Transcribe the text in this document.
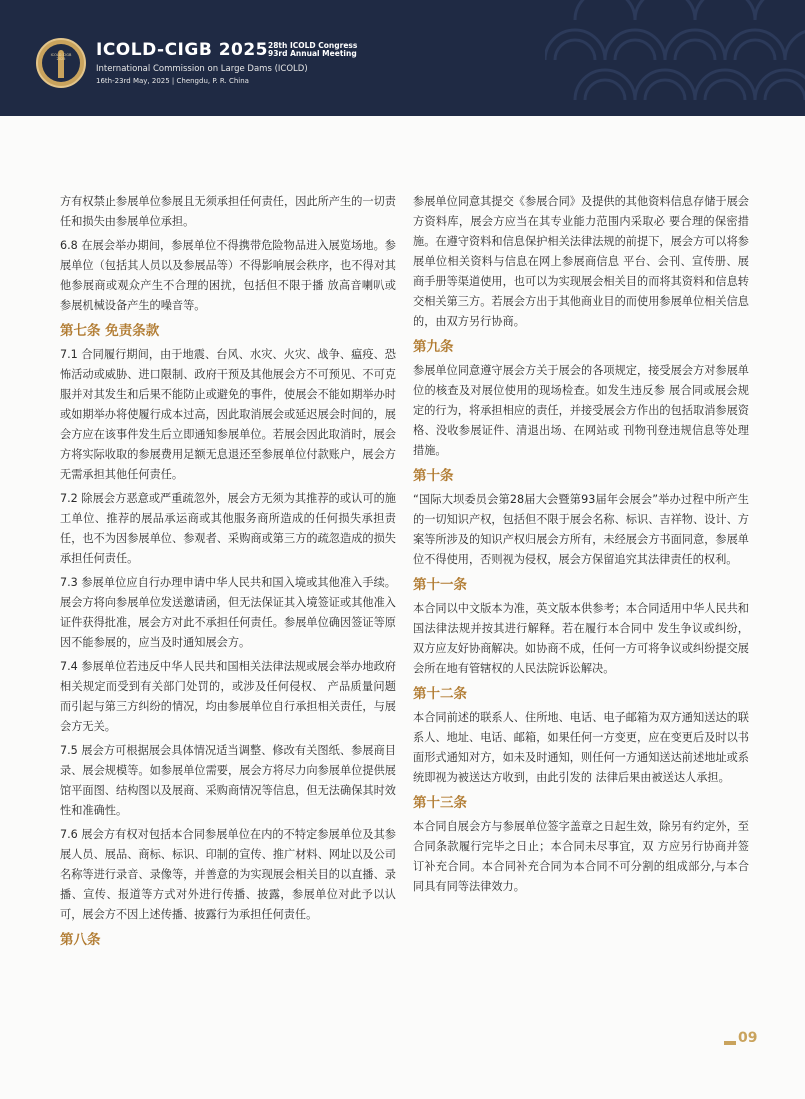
ICOLD-CIGB 2025	ICOLD-CIGB 2025 28th ICOLD Congress
93rd Annual Meeting
International Commission on Large Dams (ICOLD)
16th-23rd May, 2025 | Chengdu, P. R. China

方有权禁止参展单位参展且无须承担任何责任，因此所产生的一切责任和损失由参展单位承担。

6.8 在展会举办期间，参展单位不得携带危险物品进入展览场地。参展单位（包括其人员以及参展品等）不得影响展会秩序，也不得对其他参展商或观众产生不合理的困扰，包括但不限于播 放高音喇叭或参展机械设备产生的噪音等。

第七条 免责条款

7.1 合同履行期间，由于地震、台风、水灾、火灾、战争、瘟疫、恐怖活动或威胁、进口限制、政府干预及其他展会方不可预见、不可克服并对其发生和后果不能防止或避免的事件，使展会不能如期举办时或如期举办将使履行成本过高，因此取消展会或延迟展会时间的，展会方应在该事件发生后立即通知参展单位。若展会因此取消时，展会方将实际收取的参展费用足额无息退还至参展单位付款账户，展会方无需承担其他任何责任。

7.2 除展会方恶意或严重疏忽外，展会方无须为其推荐的或认可的施工单位、推荐的展品承运商或其他服务商所造成的任何损失承担责任，也不为因参展单位、参观者、采购商或第三方的疏忽造成的损失承担任何责任。

7.3 参展单位应自行办理申请中华人民共和国入境或其他准入手续。展会方将向参展单位发送邀请函，但无法保证其入境签证或其他准入证件获得批准，展会方对此不承担任何责任。参展单位确因签证等原因不能参展的，应当及时通知展会方。

7.4 参展单位若违反中华人民共和国相关法律法规或展会举办地政府相关规定而受到有关部门处罚的，或涉及任何侵权、 产品质量问题而引起与第三方纠纷的情况，均由参展单位自行承担相关责任，与展会方无关。

7.5 展会方可根据展会具体情况适当调整、修改有关图纸、参展商目录、展会规模等。如参展单位需要，展会方将尽力向参展单位提供展馆平面图、结构图以及展商、采购商情况等信息，但无法确保其时效性和准确性。

7.6 展会方有权对包括本合同参展单位在内的不特定参展单位及其参展人员、展品、商标、标识、印制的宣传、推广材料、网址以及公司名称等进行录音、录像等，并善意的为实现展会相关目的以直播、录播、宣传、报道等方式对外进行传播、披露，参展单位对此予以认可，展会方不因上述传播、披露行为承担任何责任。

第八条

参展单位同意其提交《参展合同》及提供的其他资料信息存储于展会方资料库，展会方应当在其专业能力范围内采取必 要合理的保密措施。在遵守资料和信息保护相关法律法规的前提下，展会方可以将参展单位相关资料与信息在网上参展商信息 平台、会刊、宣传册、展商手册等渠道使用，也可以为实现展会相关目的而将其资料和信息转交相关第三方。若展会方出于其他商业目的而使用参展单位相关信息的，由双方另行协商。

第九条

参展单位同意遵守展会方关于展会的各项规定，接受展会方对参展单位的核查及对展位使用的现场检查。如发生违反参 展合同或展会规定的行为，将承担相应的责任，并接受展会方作出的包括取消参展资格、没收参展证件、清退出场、在网站或 刊物刊登违规信息等处理措施。

第十条

“国际大坝委员会第28届大会暨第93届年会展会”举办过程中所产生的一切知识产权，包括但不限于展会名称、标识、吉祥物、设计、方案等所涉及的知识产权归展会方所有，未经展会方书面同意，参展单位不得使用，否则视为侵权，展会方保留追究其法律责任的权利。

第十一条

本合同以中文版本为准，英文版本供参考；本合同适用中华人民共和国法律法规并按其进行解释。若在履行本合同中 发生争议或纠纷，双方应友好协商解决。如协商不成，任何一方可将争议或纠纷提交展会所在地有管辖权的人民法院诉讼解决。

第十二条

本合同前述的联系人、住所地、电话、电子邮箱为双方通知送达的联系人、地址、电话、邮箱，如果任何一方变更，应在变更后及时以书面形式通知对方，如未及时通知，则任何一方通知送达前述地址或系统即视为被送达方收到，由此引发的 法律后果由被送达人承担。

第十三条

本合同自展会方与参展单位签字盖章之日起生效，除另有约定外，至合同条款履行完毕之日止；本合同未尽事宜，双 方应另行协商并签订补充合同。本合同补充合同为本合同不可分割的组成部分,与本合同具有同等法律效力。

09
